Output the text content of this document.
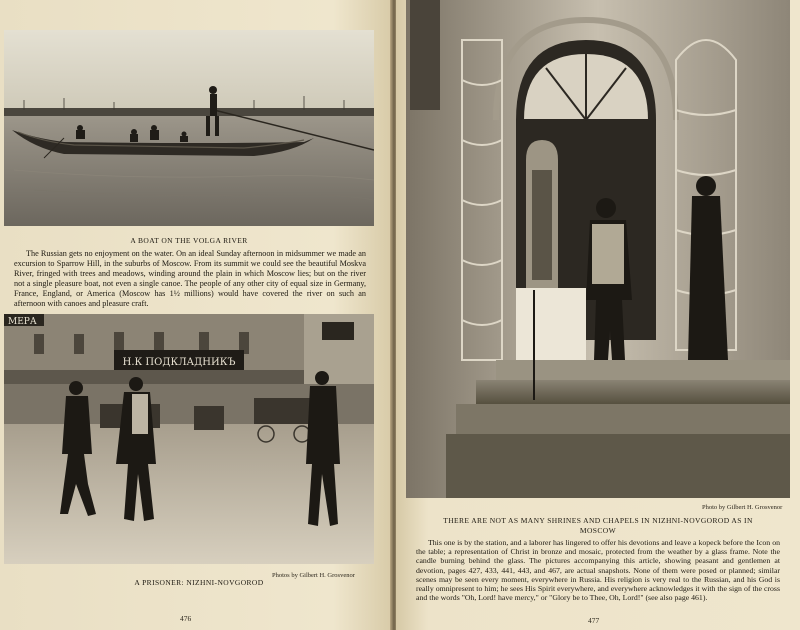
A BOAT ON THE VOLGA RIVER

The Russian gets no enjoyment on the water. On an ideal Sunday afternoon in midsummer we made an excursion to Sparrow Hill, in the suburbs of Moscow. From its summit we could see the beautiful Moskva River, fringed with trees and meadows, winding around the plain in which Moscow lies; but on the river not a single pleasure boat, not even a single canoe. The people of any other city of equal size in Germany, France, England, or America (Moscow has 1½ millions) would have covered the river on such an afternoon with canoes and pleasure craft.

Н.К ПОДКЛАДНИКЪ
МЕРА
A PRISONER: NIZHNI-NOVGOROD
Photos by Gilbert H. Grosvenor
476
Photo by Gilbert H. Grosvenor
THERE ARE NOT AS MANY SHRINES AND CHAPELS IN NIZHNI-NOVGOROD AS IN
MOSCOW

This one is by the station, and a laborer has lingered to offer his devotions and leave a kopeck before the Icon on the table; a representation of Christ in bronze and mosaic, protected from the weather by a glass frame. Note the candle burning behind the glass. The pictures accompanying this article, showing peasant and gentlemen at devotion, pages 427, 433, 441, 443, and 467, are actual snapshots. None of them were posed or planned; similar scenes may be seen every moment, everywhere in Russia. His religion is very real to the Russian, and his God is really omnipresent to him; he sees His Spirit everywhere, and everywhere acknowledges it with the sign of the cross and the words "Oh, Lord! have mercy," or "Glory be to Thee, Oh, Lord!" (see also page 461).

477
